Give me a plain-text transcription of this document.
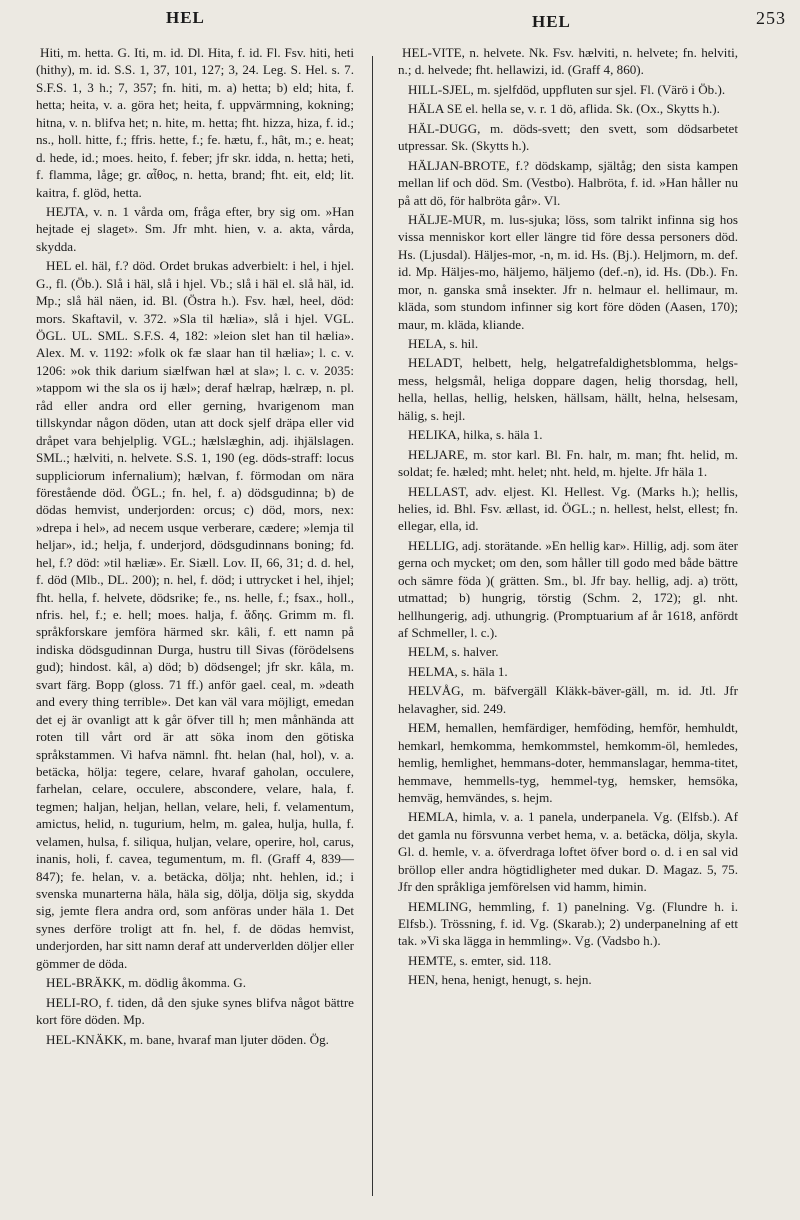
HEL	HEL	253

Hiti, m. hetta. G. Iti, m. id. Dl. Hita, f. id. Fl. Fsv. hiti, heti (hithy), m. id. S.S. 1, 37, 101, 127; 3, 24. Leg. S. Hel. s. 7. S.F.S. 1, 3 h.; 7, 357; fn. hiti, m. a) hetta; b) eld; hita, f. hetta; heita, v. a. göra het; heita, f. uppvärmning, kokning; hitna, v. n. blifva het; n. hite, m. hetta; fht. hizza, hiza, f. id.; ns., holl. hitte, f.; ffris. hette, f.; fe. hætu, f., hât, m.; e. heat; d. hede, id.; moes. heito, f. feber; jfr skr. idda, n. hetta; heti, f. flamma, låge; gr. αἶθος, n. hetta, brand; fht. eit, eld; lit. kaitra, f. glöd, hetta.

HEJTA, v. n. 1 vårda om, fråga efter, bry sig om. »Han hejtade ej slaget». Sm. Jfr mht. hien, v. a. akta, vårda, skydda.

HEL el. häl, f.? död. Ordet brukas adverbielt: i hel, i hjel. G., fl. (Öb.). Slå i häl, slå i hjel. Vb.; slå i häl el. slå häl, id. Mp.; slå häl näen, id. Bl. (Östra h.). Fsv. hæl, heel, död: mors. Skaftavil, v. 372. »Sla til hælia», slå i hjel. VGL. ÖGL. UL. SML. S.F.S. 4, 182: »leion slet han til hælia». Alex. M. v. 1192: »folk ok fæ slaar han til hælia»; l. c. v. 1206: »ok thik darium siælfwan hæl at sla»; l. c. v. 2035: »tappom wi the sla os ij hæl»; deraf hælrap, hælræp, n. pl. råd eller andra ord eller gerning, hvarigenom man tillskyndar någon döden, utan att dock sjelf dräpa eller vid dråpet vara behjelplig. VGL.; hælslæghin, adj. ihjälslagen. SML.; hælviti, n. helvete. S.S. 1, 190 (eg. döds-straff: locus suppliciorum infernalium); hælvan, f. förmodan om nära förestående död. ÖGL.; fn. hel, f. a) dödsgudinna; b) de dödas hemvist, underjorden: orcus; c) död, mors, nex: »drepa i hel», ad necem usque verberare, cædere; »lemja til heljar», id.; helja, f. underjord, dödsgudinnans boning; fd. hel, f.? död: »til hæliæ». Er. Siæll. Lov. II, 66, 31; d. d. hel, f. död (Mlb., DL. 200); n. hel, f. död; i uttrycket i hel, ihjel; fht. hella, f. helvete, dödsrike; fe., ns. helle, f.; fsax., holl., nfris. hel, f.; e. hell; moes. halja, f. ἅδης. Grimm m. fl. språkforskare jemföra härmed skr. kâli, f. ett namn på indiska dödsgudinnan Durga, hustru till Sivas (förödelsens gud); hindost. kâl, a) död; b) dödsengel; jfr skr. kâla, m. svart färg. Bopp (gloss. 71 ff.) anför gael. ceal, m. »death and every thing terrible». Det kan väl vara möjligt, emedan det ej är ovanligt att k går öfver till h; men månhända att roten till vårt ord är att söka inom den götiska språkstammen. Vi hafva nämnl. fht. helan (hal, hol), v. a. betäcka, hölja: tegere, celare, hvaraf gaholan, occulere, farhelan, celare, occulere, abscondere, velare, hala, f. tegmen; haljan, heljan, hellan, velare, heli, f. velamentum, amictus, helid, n. tugurium, helm, m. galea, hulja, hulla, f. velamen, hulsa, f. siliqua, huljan, velare, operire, hol, carus, inanis, holi, f. cavea, tegumentum, m. fl. (Graff 4, 839—847); fe. helan, v. a. betäcka, dölja; nht. hehlen, id.; i svenska munarterna häla, häla sig, dölja, dölja sig, skydda sig, jemte flera andra ord, som anföras under häla 1. Det synes derföre troligt att fn. hel, f. de dödas hemvist, underjorden, har sitt namn deraf att underverlden döljer eller gömmer de döda.

HEL-BRÄKK, m. dödlig åkomma. G.

HELI-RO, f. tiden, då den sjuke synes blifva något bättre kort före döden. Mp.

HEL-KNÄKK, m. bane, hvaraf man ljuter döden. Ög.

HEL-VITE, n. helvete. Nk. Fsv. hælviti, n. helvete; fn. helviti, n.; d. helvede; fht. hellawizi, id. (Graff 4, 860).

HILL-SJEL, m. sjelfdöd, uppfluten sur sjel. Fl. (Värö i Öb.).

HÄLA SE el. hella se, v. r. 1 dö, aflida. Sk. (Ox., Skytts h.).

HÄL-DUGG, m. döds-svett; den svett, som dödsarbetet utpressar. Sk. (Skytts h.).

HÄLJAN-BROTE, f.? dödskamp, själtåg; den sista kampen mellan lif och död. Sm. (Vestbo). Halbröta, f. id. »Han håller nu på att dö, för halbröta går». Vl.

HÄLJE-MUR, m. lus-sjuka; löss, som talrikt infinna sig hos vissa menniskor kort eller längre tid före dessa personers död. Hs. (Ljusdal). Häljes-mor, -n, m. id. Hs. (Bj.). Heljmorn, m. def. id. Mp. Häljes-mo, häljemo, häljemo (def.-n), id. Hs. (Db.). Fn. mor, n. ganska små insekter. Jfr n. helmaur el. hellimaur, m. kläda, som stundom infinner sig kort före döden (Aasen, 170); maur, m. kläda, kliande.

HELA, s. hil.

HELADT, helbett, helg, helgatrefaldighetsblommа, helgs-mess, helgsmål, heliga doppare dagen, helig thorsdag, hell, hella, hellas, hellig, helsken, hällsam, hällt, helna, helsesam, hälig, s. hejl.

HELIKA, hilka, s. häla 1.

HELJARE, m. stor karl. Bl. Fn. halr, m. man; fht. helid, m. soldat; fe. hæled; mht. helet; nht. held, m. hjelte. Jfr häla 1.

HELLAST, adv. eljest. Kl. Hellest. Vg. (Marks h.); hellis, helies, id. Bhl. Fsv. ællast, id. ÖGL.; n. hellest, helst, ellest; fn. ellegar, ella, id.

HELLIG, adj. storätande. »En hellig kar». Hillig, adj. som äter gerna och mycket; om den, som håller till godo med både bättre och sämre föda )( grätten. Sm., bl. Jfr bay. hellig, adj. a) trött, utmattad; b) hungrig, törstig (Schm. 2, 172); gl. nht. hellhungerig, adj. uthungrig. (Promptuarium af år 1618, anfördt af Schmeller, l. c.).

HELM, s. halver.

HELMA, s. häla 1.

HELVÅG, m. bäfvergäll Kläkk-bäver-gäll, m. id. Jtl. Jfr helavagher, sid. 249.

HEM, hemallen, hemfärdiger, hemföding, hemför, hemhuldt, hemkarl, hemkomma, hemkommstel, hemkomm-öl, hemledes, hemlig, hemlighet, hemmans-doter, hemmanslagar, hemma-titet, hemmave, hemmells-tyg, hemmel-tyg, hemsker, hemsöka, hemväg, hemvändes, s. hejm.

HEMLA, himla, v. a. 1 panela, underpanela. Vg. (Elfsb.). Af det gamla nu försvunna verbet hema, v. a. betäcka, dölja, skyla. Gl. d. hemle, v. a. öfverdraga loftet öfver bord o. d. i en sal vid bröllop eller andra högtidligheter med dukar. D. Magaz. 5, 75. Jfr den språkliga jemförelsen vid hamm, himin.

HEMLING, hemmling, f. 1) panelning. Vg. (Flundre h. i. Elfsb.). Trössning, f. id. Vg. (Skarab.); 2) underpanelning af ett tak. »Vi ska lägga in hemmling». Vg. (Vadsbo h.).

HEMTE, s. emter, sid. 118.

HEN, hena, henigt, henugt, s. hejn.
